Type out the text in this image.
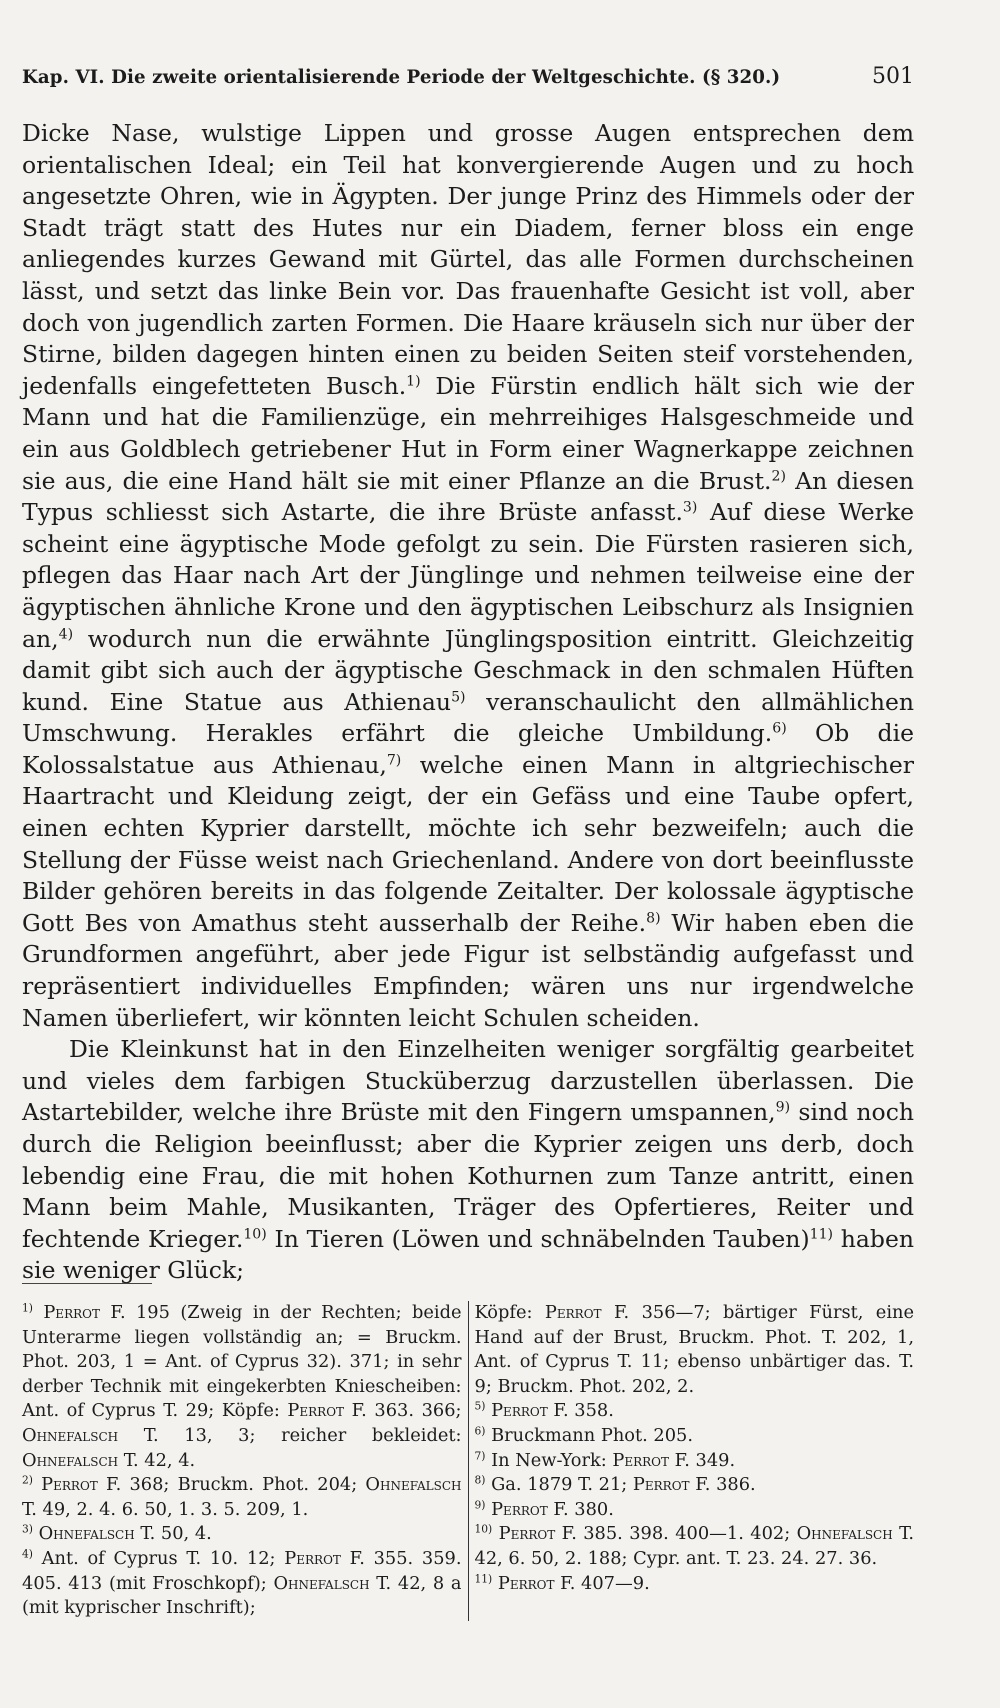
Kap. VI. Die zweite orientalisierende Periode der Weltgeschichte. (§ 320.)	501

Dicke Nase, wulstige Lippen und grosse Augen entsprechen dem orientalischen Ideal; ein Teil hat konvergierende Augen und zu hoch angesetzte Ohren, wie in Ägypten. Der junge Prinz des Himmels oder der Stadt trägt statt des Hutes nur ein Diadem, ferner bloss ein enge anliegendes kurzes Gewand mit Gürtel, das alle Formen durchscheinen lässt, und setzt das linke Bein vor. Das frauenhafte Gesicht ist voll, aber doch von jugendlich zarten Formen. Die Haare kräuseln sich nur über der Stirne, bilden dagegen hinten einen zu beiden Seiten steif vorstehenden, jedenfalls eingefetteten Busch.$^{1)}$ Die Fürstin endlich hält sich wie der Mann und hat die Familienzüge, ein mehrreihiges Halsgeschmeide und ein aus Goldblech getriebener Hut in Form einer Wagnerkappe zeichnen sie aus, die eine Hand hält sie mit einer Pflanze an die Brust.$^{2)}$ An diesen Typus schliesst sich Astarte, die ihre Brüste anfasst.$^{3)}$ Auf diese Werke scheint eine ägyptische Mode gefolgt zu sein. Die Fürsten rasieren sich, pflegen das Haar nach Art der Jünglinge und nehmen teilweise eine der ägyptischen ähnliche Krone und den ägyptischen Leibschurz als Insignien an,$^{4)}$ wodurch nun die erwähnte Jünglingsposition eintritt. Gleichzeitig damit gibt sich auch der ägyptische Geschmack in den schmalen Hüften kund. Eine Statue aus Athienau$^{5)}$ veranschaulicht den allmählichen Umschwung. Herakles erfährt die gleiche Umbildung.$^{6)}$ Ob die Kolossalstatue aus Athienau,$^{7)}$ welche einen Mann in altgriechischer Haartracht und Kleidung zeigt, der ein Gefäss und eine Taube opfert, einen echten Kyprier darstellt, möchte ich sehr bezweifeln; auch die Stellung der Füsse weist nach Griechenland. Andere von dort beeinflusste Bilder gehören bereits in das folgende Zeitalter. Der kolossale ägyptische Gott Bes von Amathus steht ausserhalb der Reihe.$^{8)}$ Wir haben eben die Grundformen angeführt, aber jede Figur ist selbständig aufgefasst und repräsentiert individuelles Empfinden; wären uns nur irgendwelche Namen überliefert, wir könnten leicht Schulen scheiden.

Die Kleinkunst hat in den Einzelheiten weniger sorgfältig gearbeitet und vieles dem farbigen Stucküberzug darzustellen überlassen. Die Astartebilder, welche ihre Brüste mit den Fingern umspannen,$^{9)}$ sind noch durch die Religion beeinflusst; aber die Kyprier zeigen uns derb, doch lebendig eine Frau, die mit hohen Kothurnen zum Tanze antritt, einen Mann beim Mahle, Musikanten, Träger des Opfertieres, Reiter und fechtende Krieger.$^{10)}$ In Tieren (Löwen und schnäbelnden Tauben)$^{11)}$ haben sie weniger Glück;

$^{1)}$ Perrot F. 195 (Zweig in der Rechten; beide Unterarme liegen vollständig an; = Bruckm. Phot. 203, 1 = Ant. of Cyprus 32). 371; in sehr derber Technik mit eingekerbten Kniescheiben: Ant. of Cyprus T. 29; Köpfe: Perrot F. 363. 366; Ohnefalsch T. 13, 3; reicher bekleidet: Ohnefalsch T. 42, 4.

$^{2)}$ Perrot F. 368; Bruckm. Phot. 204; Ohnefalsch T. 49, 2. 4. 6. 50, 1. 3. 5. 209, 1.

$^{3)}$ Ohnefalsch T. 50, 4.

$^{4)}$ Ant. of Cyprus T. 10. 12; Perrot F. 355. 359. 405. 413 (mit Froschkopf); Ohnefalsch T. 42, 8 a (mit kyprischer Inschrift);

Köpfe: Perrot F. 356—7; bärtiger Fürst, eine Hand auf der Brust, Bruckm. Phot. T. 202, 1, Ant. of Cyprus T. 11; ebenso unbärtiger das. T. 9; Bruckm. Phot. 202, 2.

$^{5)}$ Perrot F. 358.

$^{6)}$ Bruckmann Phot. 205.

$^{7)}$ In New-York: Perrot F. 349.

$^{8)}$ Ga. 1879 T. 21; Perrot F. 386.

$^{9)}$ Perrot F. 380.

$^{10)}$ Perrot F. 385. 398. 400—1. 402; Ohnefalsch T. 42, 6. 50, 2. 188; Cypr. ant. T. 23. 24. 27. 36.

$^{11)}$ Perrot F. 407—9.
